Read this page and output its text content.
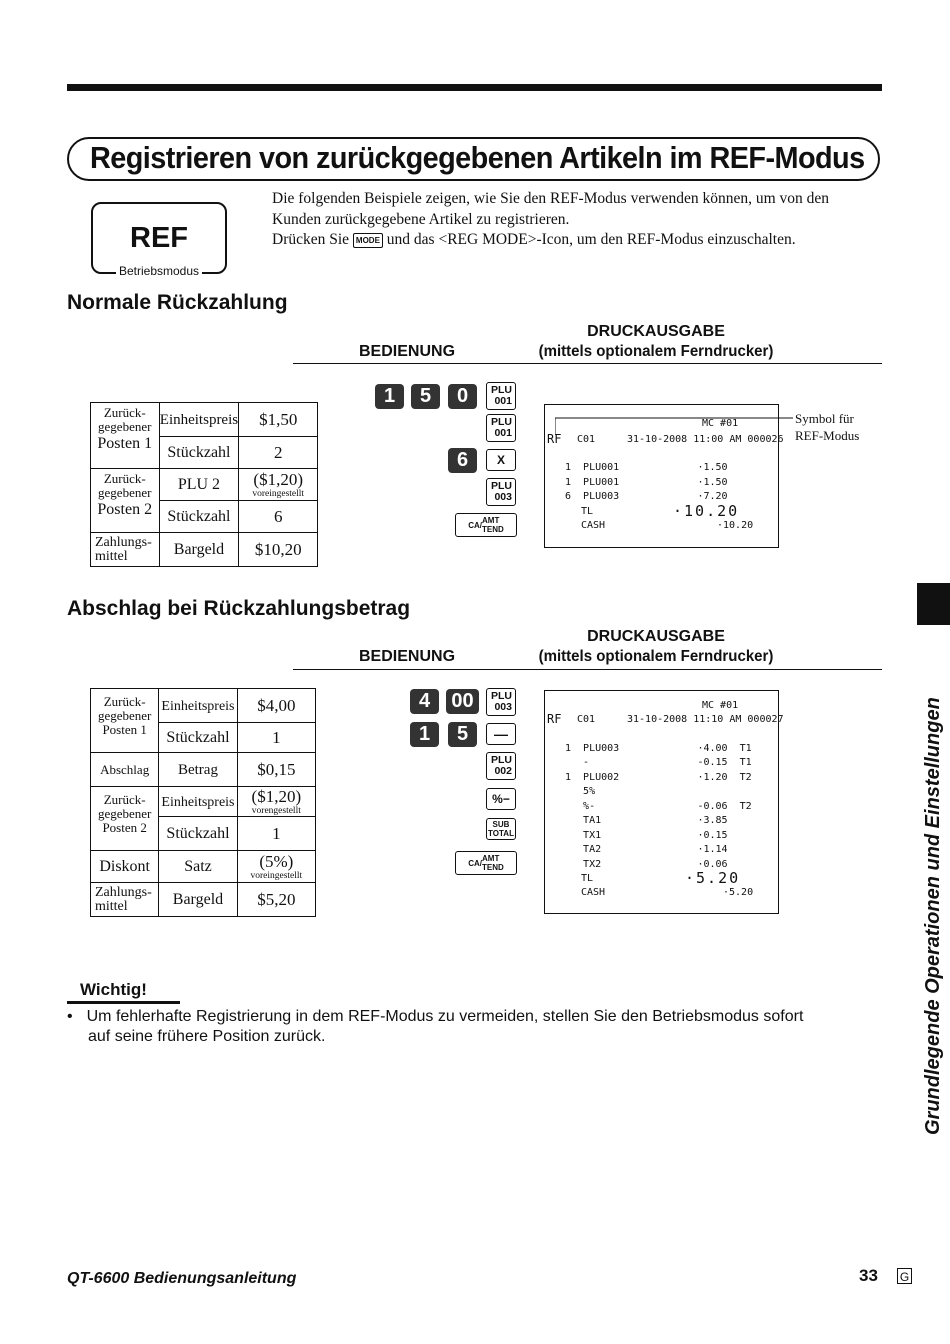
Registrieren von zurückgegebenen Artikeln im REF-Modus
REF
Betriebsmodus
Die folgenden Beispiele zeigen, wie Sie den REF-Modus verwenden können, um von den
Kunden zurückgegebene Artikel zu registrieren.
Drücken Sie MODE und das <REG MODE>-Icon, um den REF-Modus einzuschalten.
Normale Rückzahlung
DRUCKAUSGABE
BEDIENUNG	(mittels optionalem Ferndrucker)
Zurück-
gegebener
Posten 1	Einheitspreis	$1,50
	Stückzahl	2
Zurück-
gegebener
Posten 2	PLU 2	($1,20)
voreingestellt

	Stückzahl	6
Zahlungs-
mittel	Bargeld	$10,20
1	5	0	PLU
001
PLU
001
6	X
PLU
003
CA / AMT
TEND
MC #01
RF C01	31-10-2008 11:00 AM 000026
1  PLU001             ·1.50
1  PLU001             ·1.50
6  PLU003             ·7.20
TL	·10.20
CASH	·10.20
Symbol für
REF-Modus
Abschlag bei Rückzahlungsbetrag
DRUCKAUSGABE
BEDIENUNG	(mittels optionalem Ferndrucker)
Zurück-
gegebener
Posten 1	Einheitspreis	$4,00
	Stückzahl	1
Abschlag	Betrag	$0,15
Zurück-
gegebener
Posten 2	Einheitspreis	($1,20)
vorengestellt

	Stückzahl	1
Diskont	Satz	(5%)
voreingestellt

Zahlungs-
mittel	Bargeld	$5,20
4	00	PLU
003
1	5	—
PLU
002
%−
SUB
TOTAL
CA / AMT
TEND
MC #01
RF C01	31-10-2008 11:10 AM 000027
1  PLU003             ·4.00  T1
-                  -0.15  T1
1  PLU002             ·1.20  T2
5%
%-                 -0.06  T2
TA1                ·3.85
TX1                ·0.15
TA2                ·1.14
TX2                ·0.06
TL	·5.20
CASH	·5.20	Grundlegende Operationen und Einstellungen
Wichtig!
• Um fehlerhafte Registrierung in dem REF-Modus zu vermeiden, stellen Sie den Betriebsmodus sofort
auf seine frühere Position zurück.
QT-6600 Bedienungsanleitung	33 G
